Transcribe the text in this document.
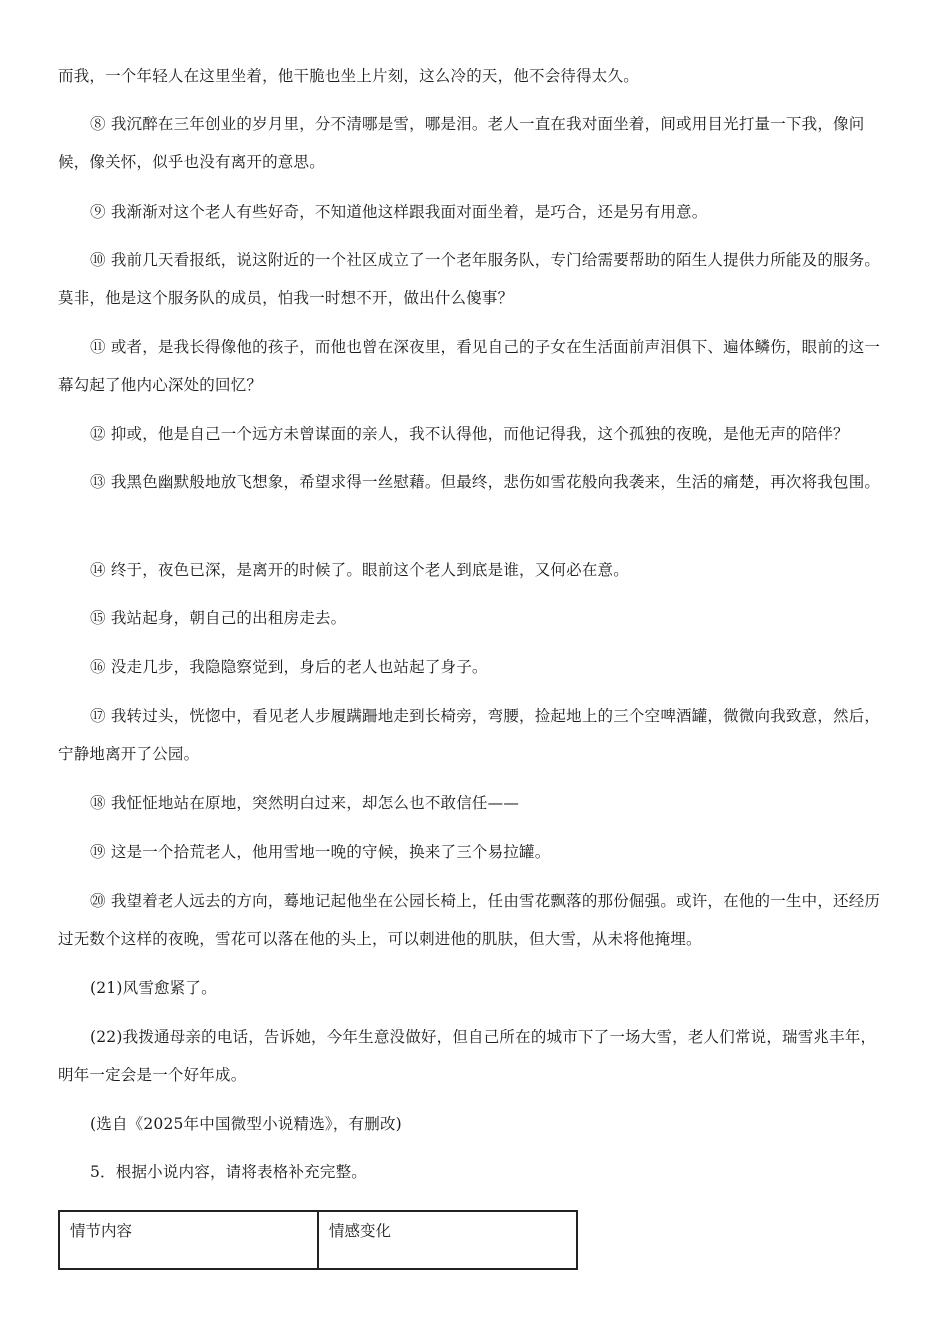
而我，一个年轻人在这里坐着，他干脆也坐上片刻，这么冷的天，他不会待得太久。

⑧ 我沉醉在三年创业的岁月里，分不清哪是雪，哪是泪。老人一直在我对面坐着，间或用目光打量一下我，像问候，像关怀，似乎也没有离开的意思。

⑨ 我渐渐对这个老人有些好奇，不知道他这样跟我面对面坐着，是巧合，还是另有用意。

⑩ 我前几天看报纸，说这附近的一个社区成立了一个老年服务队，专门给需要帮助的陌生人提供力所能及的服务。莫非，他是这个服务队的成员，怕我一时想不开，做出什么傻事？

⑪ 或者，是我长得像他的孩子，而他也曾在深夜里，看见自己的子女在生活面前声泪俱下、遍体鳞伤，眼前的这一幕勾起了他内心深处的回忆？

⑫ 抑或，他是自己一个远方未曾谋面的亲人，我不认得他，而他记得我，这个孤独的夜晚，是他无声的陪伴？

⑬ 我黑色幽默般地放飞想象，希望求得一丝慰藉。但最终，悲伤如雪花般向我袭来，生活的痛楚，再次将我包围。

⑭ 终于，夜色已深，是离开的时候了。眼前这个老人到底是谁，又何必在意。

⑮ 我站起身，朝自己的出租房走去。

⑯ 没走几步，我隐隐察觉到，身后的老人也站起了身子。

⑰ 我转过头，恍惚中，看见老人步履蹒跚地走到长椅旁，弯腰，捡起地上的三个空啤酒罐，微微向我致意，然后，宁静地离开了公园。

⑱ 我怔怔地站在原地，突然明白过来，却怎么也不敢信任——

⑲ 这是一个拾荒老人，他用雪地一晚的守候，换来了三个易拉罐。

⑳ 我望着老人远去的方向，蓦地记起他坐在公园长椅上，任由雪花飘落的那份倔强。或许，在他的一生中，还经历过无数个这样的夜晚，雪花可以落在他的头上，可以刺进他的肌肤，但大雪，从未将他掩埋。

(21)风雪愈紧了。

(22)我拨通母亲的电话，告诉她，今年生意没做好，但自己所在的城市下了一场大雪，老人们常说，瑞雪兆丰年，明年一定会是一个好年成。

(选自《2025年中国微型小说精选》，有删改)

5．根据小说内容，请将表格补充完整。

情节内容	情感变化
